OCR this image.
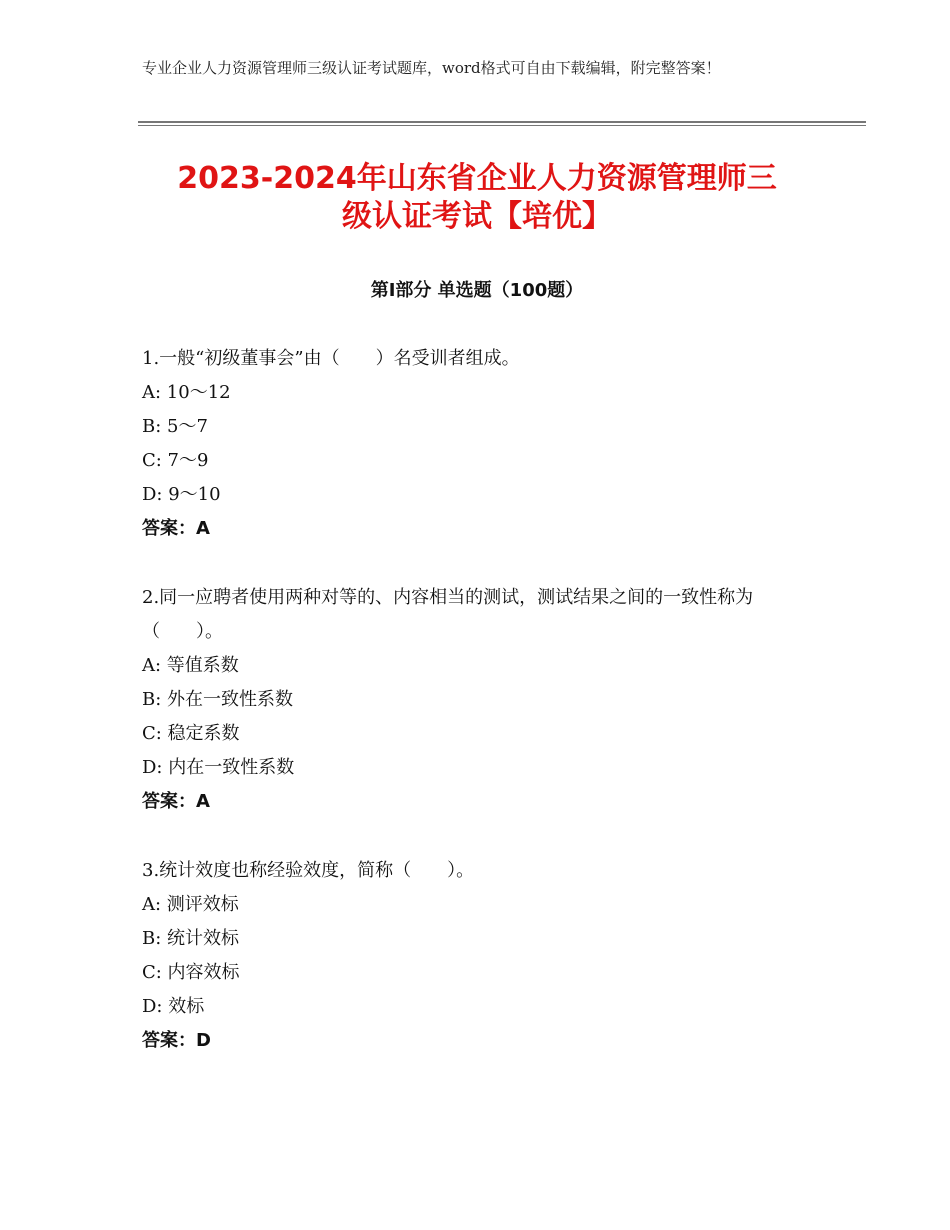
专业企业人力资源管理师三级认证考试题库，word格式可自由下载编辑，附完整答案！
2023-2024年山东省企业人力资源管理师三
级认证考试【培优】
第Ⅰ部分 单选题（100题）

1.一般“初级董事会”由（　　）名受训者组成。

A: 10～12

B: 5～7

C: 7～9

D: 9～10

答案：A

2.同一应聘者使用两种对等的、内容相当的测试，测试结果之间的一致性称为（　　）。

A: 等值系数

B: 外在一致性系数

C: 稳定系数

D: 内在一致性系数

答案：A

3.统计效度也称经验效度，简称（　　）。

A: 测评效标

B: 统计效标

C: 内容效标

D: 效标

答案：D
